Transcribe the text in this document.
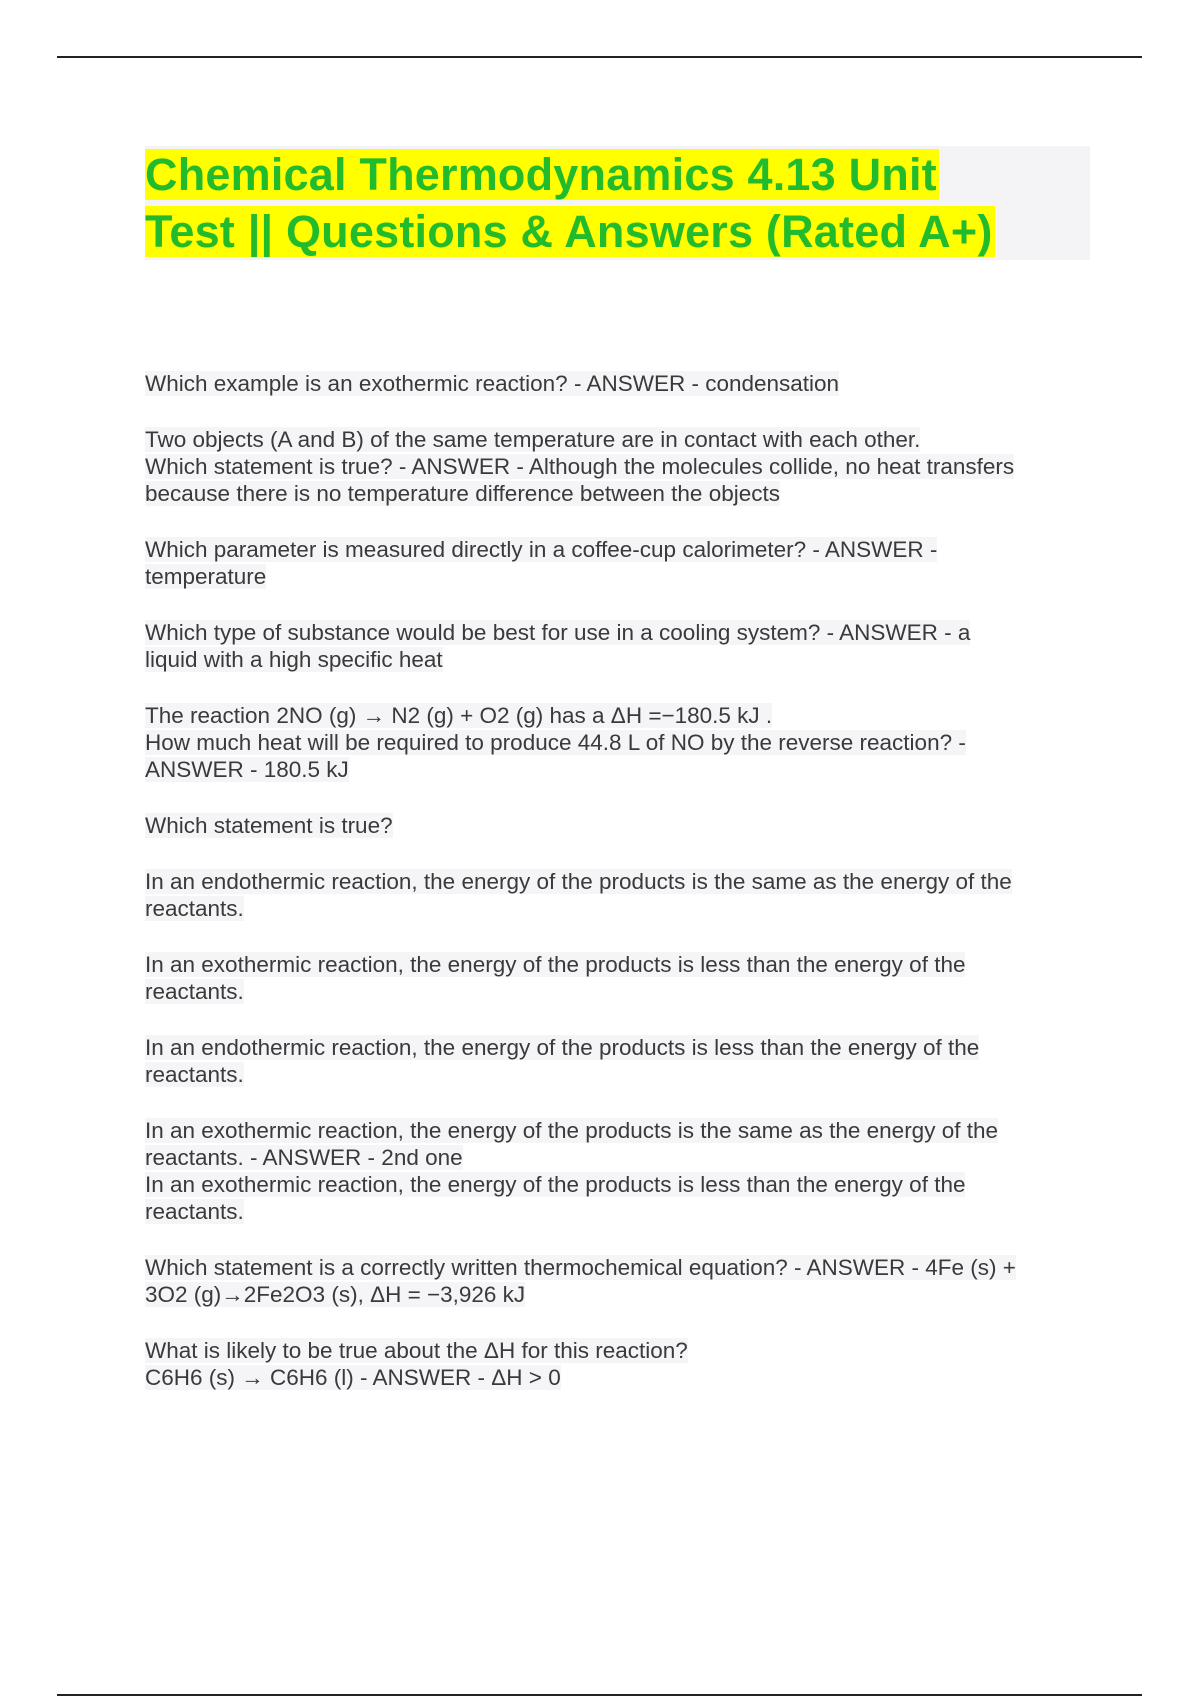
Chemical Thermodynamics 4.13 Unit
Test || Questions & Answers (Rated A+)
Which example is an exothermic reaction? - ANSWER - condensation
Two objects (A and B) of the same temperature are in contact with each other.
Which statement is true? - ANSWER - Although the molecules collide, no heat transfers
because there is no temperature difference between the objects
Which parameter is measured directly in a coffee-cup calorimeter? - ANSWER -
temperature
Which type of substance would be best for use in a cooling system? - ANSWER - a
liquid with a high specific heat
The reaction 2NO (g) → N2 (g) + O2 (g) has a ΔH =−180.5 kJ .
How much heat will be required to produce 44.8 L of NO by the reverse reaction? -
ANSWER - 180.5 kJ
Which statement is true?
In an endothermic reaction, the energy of the products is the same as the energy of the
reactants.
In an exothermic reaction, the energy of the products is less than the energy of the
reactants.
In an endothermic reaction, the energy of the products is less than the energy of the
reactants.
In an exothermic reaction, the energy of the products is the same as the energy of the
reactants. - ANSWER - 2nd one
In an exothermic reaction, the energy of the products is less than the energy of the
reactants.
Which statement is a correctly written thermochemical equation? - ANSWER - 4Fe (s) +
3O2 (g)→2Fe2O3 (s), ΔH = −3,926 kJ
What is likely to be true about the ΔH for this reaction?
C6H6 (s) → C6H6 (l) - ANSWER - ΔH > 0
